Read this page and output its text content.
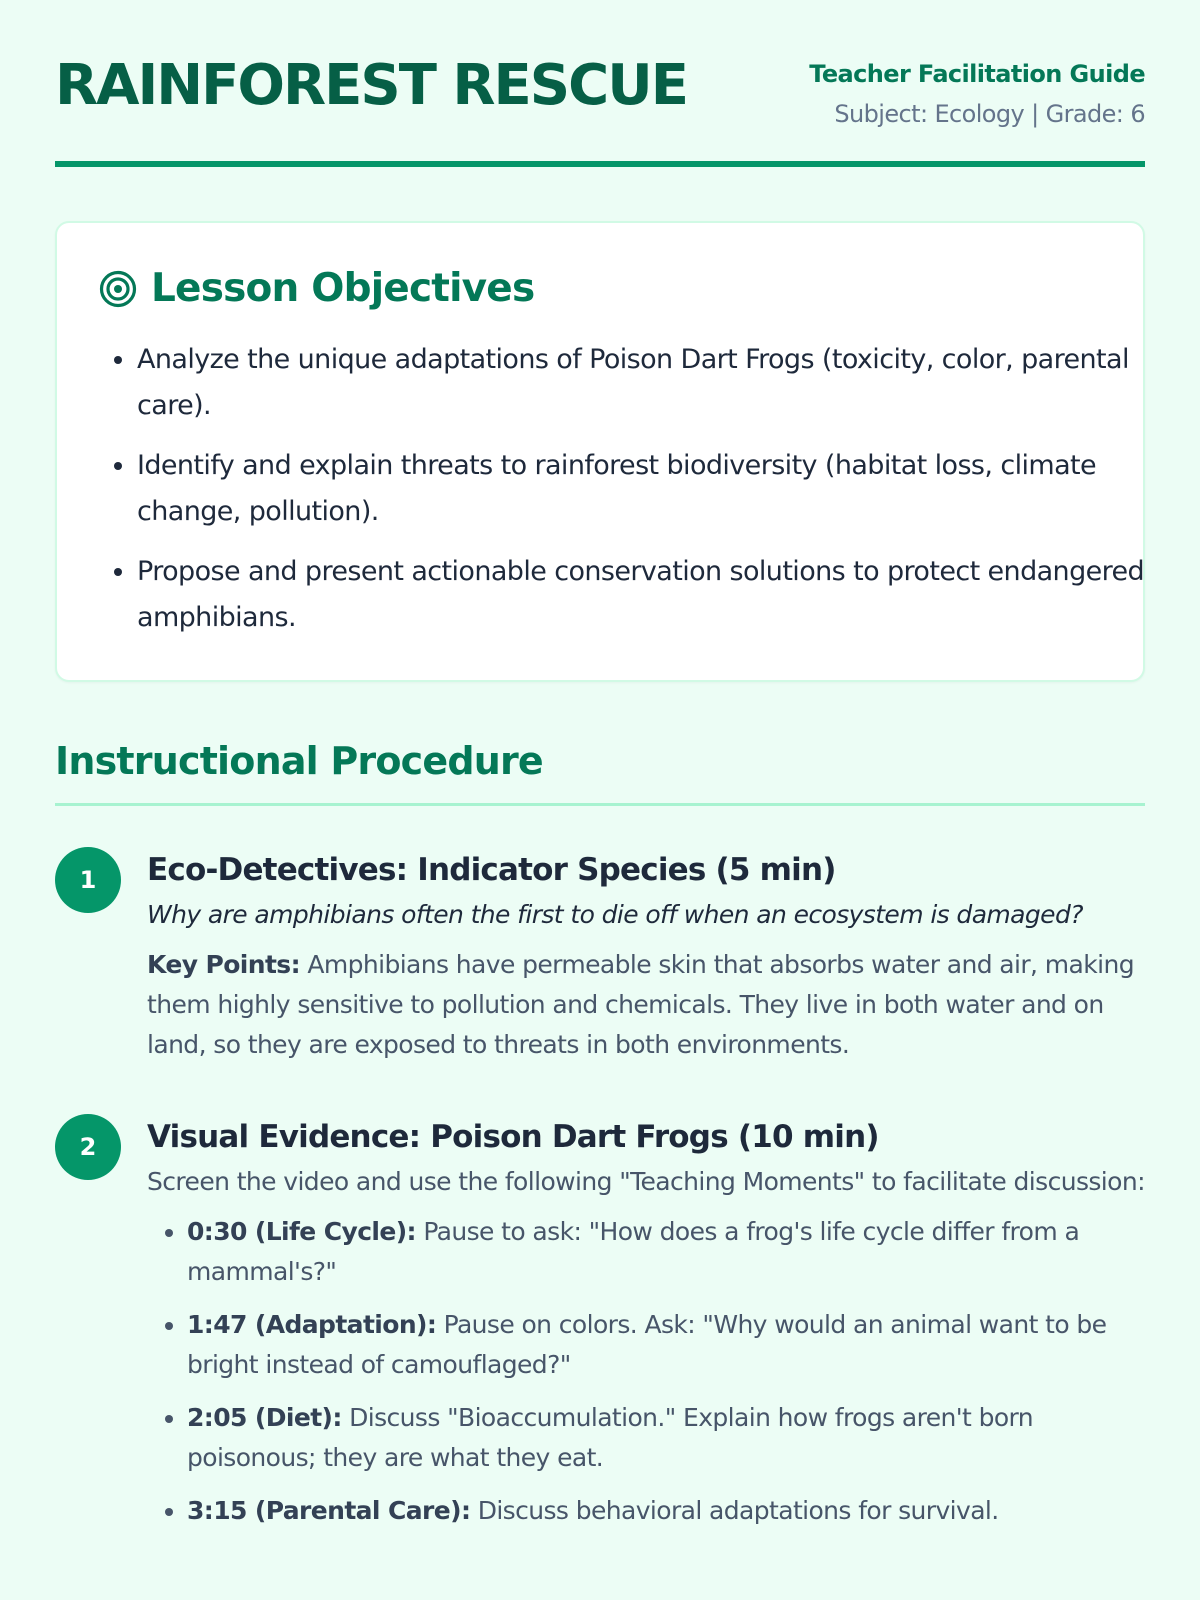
RAINFOREST RESCUE	Teacher Facilitation Guide
Subject: Ecology | Grade: 6
Lesson Objectives
• Analyze the unique adaptations of Poison Dart Frogs (toxicity, color, parental care).
• Identify and explain threats to rainforest biodiversity (habitat loss, climate change, pollution).
• Propose and present actionable conservation solutions to protect endangered amphibians.
Instructional Procedure
1	Eco-Detectives: Indicator Species (5 min)

Why are amphibians often the first to die off when an ecosystem is damaged?

Key Points: Amphibians have permeable skin that absorbs water and air, making them highly sensitive to pollution and chemicals. They live in both water and on land, so they are exposed to threats in both environments.

2	Visual Evidence: Poison Dart Frogs (10 min)

Screen the video and use the following "Teaching Moments" to facilitate discussion:

• 0:30 (Life Cycle): Pause to ask: "How does a frog's life cycle differ from a mammal's?"
• 1:47 (Adaptation): Pause on colors. Ask: "Why would an animal want to be bright instead of camouflaged?"
• 2:05 (Diet): Discuss "Bioaccumulation." Explain how frogs aren't born poisonous; they are what they eat.
• 3:15 (Parental Care): Discuss behavioral adaptations for survival.
